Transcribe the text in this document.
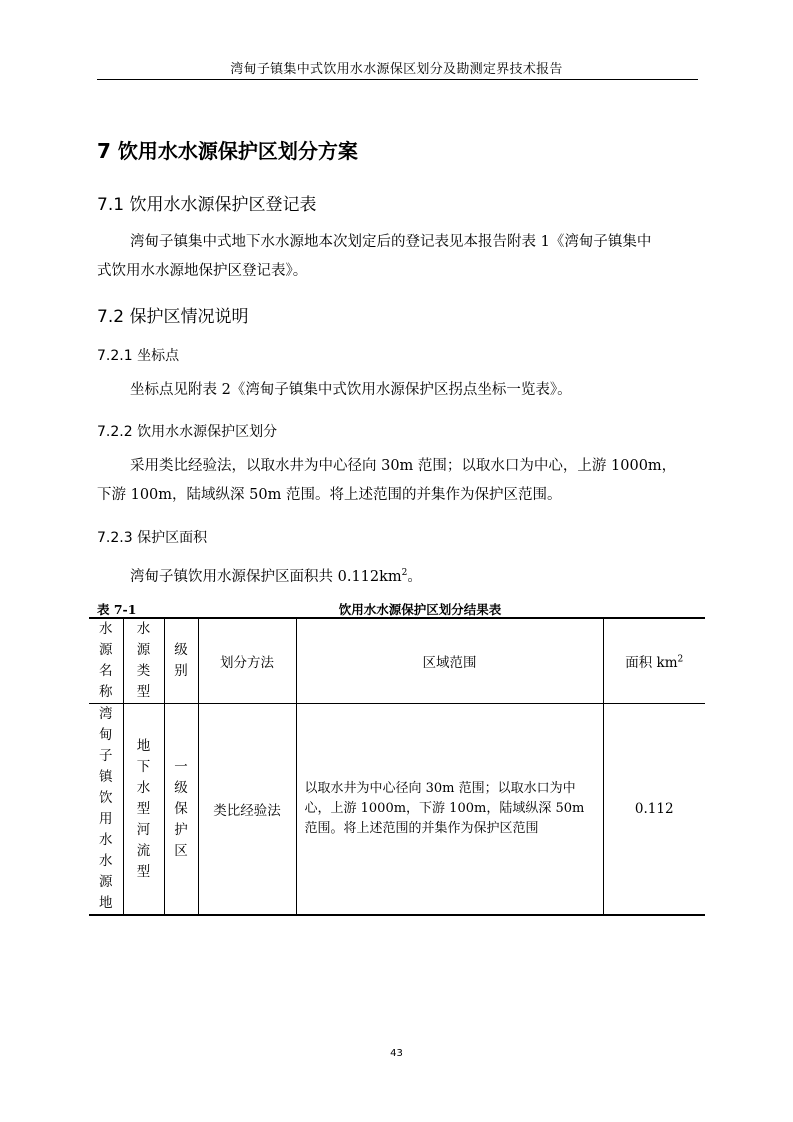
湾甸子镇集中式饮用水水源保区划分及勘测定界技术报告
7 饮用水水源保护区划分方案
7.1 饮用水水源保护区登记表

湾甸子镇集中式地下水水源地本次划定后的登记表见本报告附表 1《湾甸子镇集中

式饮用水水源地保护区登记表》。

7.2 保护区情况说明
7.2.1 坐标点

坐标点见附表 2《湾甸子镇集中式饮用水源保护区拐点坐标一览表》。

7.2.2 饮用水水源保护区划分

采用类比经验法，以取水井为中心径向 30m 范围；以取水口为中心，上游 1000m，

下游 100m，陆域纵深 50m 范围。将上述范围的并集作为保护区范围。

7.2.3 保护区面积

湾甸子镇饮用水源保护区面积共 $0.112km^2$。

表 7-1	饮用水水源保护区划分结果表
水源名称	水源类型	级别	划分方法	区域范围	面积 $km^2$
湾甸子镇饮用水水源地	地下水型河流型	一级保护区	类比经验法	以取水井为中心径向 30m 范围；以取水口为中心，上游 1000m，下游 100m，陆域纵深 50m 范围。将上述范围的并集作为保护区范围	0.112
43
